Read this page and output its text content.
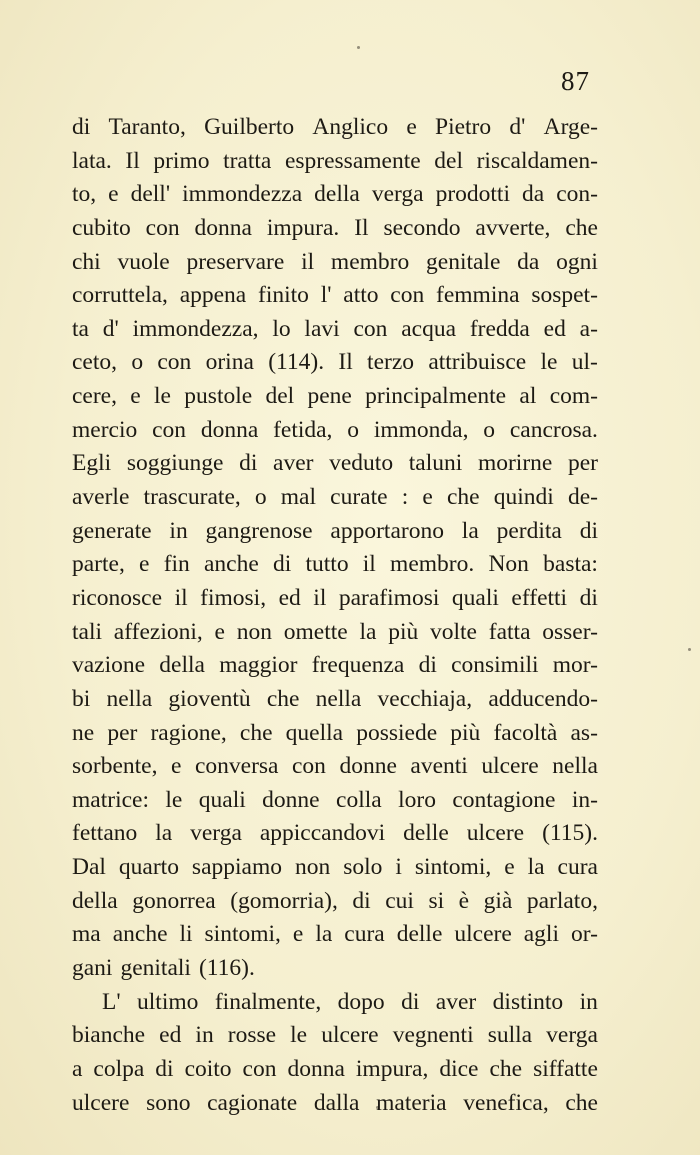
87
di Taranto, Guilberto Anglico e Pietro d' Arge-
lata. Il primo tratta espressamente del riscaldamen-
to, e dell' immondezza della verga prodotti da con-
cubito con donna impura. Il secondo avverte, che
chi vuole preservare il membro genitale da ogni
corruttela, appena finito l' atto con femmina sospet-
ta d' immondezza, lo lavi con acqua fredda ed a-
ceto, o con orina (114). Il terzo attribuisce le ul-
cere, e le pustole del pene principalmente al com-
mercio con donna fetida, o immonda, o cancrosa.
Egli soggiunge di aver veduto taluni morirne per
averle trascurate, o mal curate : e che quindi de-
generate in gangrenose apportarono la perdita di
parte, e fin anche di tutto il membro. Non basta:
riconosce il fimosi, ed il parafimosi quali effetti di
tali affezioni, e non omette la più volte fatta osser-
vazione della maggior frequenza di consimili mor-
bi nella gioventù che nella vecchiaja, adducendo-
ne per ragione, che quella possiede più facoltà as-
sorbente, e conversa con donne aventi ulcere nella
matrice: le quali donne colla loro contagione in-
fettano la verga appiccandovi delle ulcere (115).
Dal quarto sappiamo non solo i sintomi, e la cura
della gonorrea (gomorria), di cui si è già parlato,
ma anche li sintomi, e la cura delle ulcere agli or-
gani genitali (116).
L' ultimo finalmente, dopo di aver distinto in
bianche ed in rosse le ulcere vegnenti sulla verga
a colpa di coito con donna impura, dice che siffatte
ulcere sono cagionate dalla materia venefica, che
